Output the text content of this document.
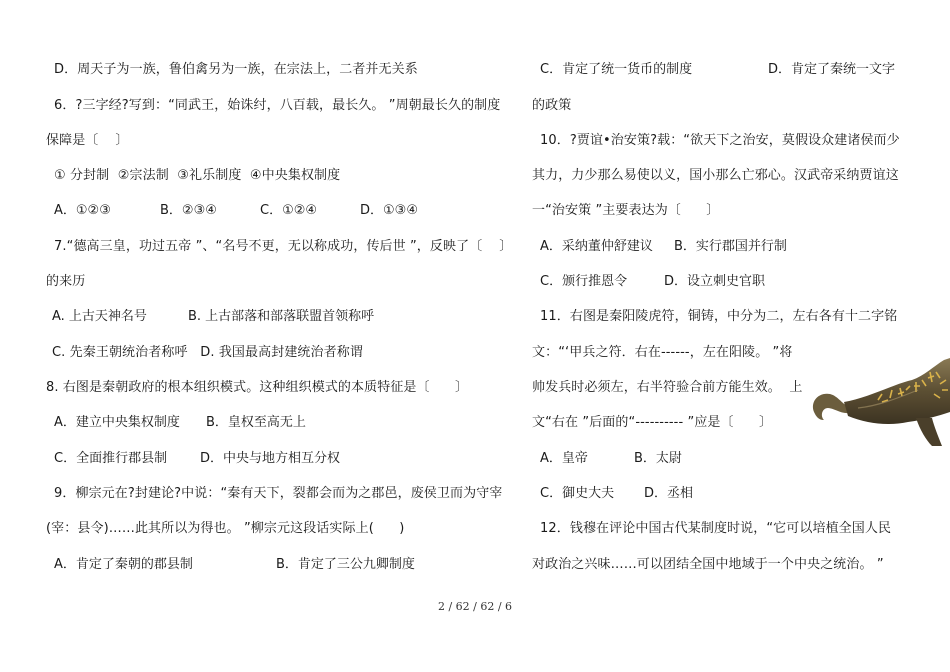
D．周天子为一族，鲁伯禽另为一族，在宗法上，二者并无关系
6．?三字经?写到：“同武王，始诛纣，八百载，最长久。 ”周朝最长久的制度
保障是〔    〕
① 分封制  ②宗法制  ③礼乐制度  ④中央集权制度
A．①②③	B．②③④	C．①②④	D．①③④
7.“德高三皇，功过五帝 ”、“名号不更，无以称成功，传后世 ”，反映了〔    〕
的来历
A. 上古天神名号	B. 上古部落和部落联盟首领称呼
C. 先秦王朝统治者称呼   D. 我国最高封建统治者称谓
8. 右图是秦朝政府的根本组织模式。这种组织模式的本质特征是〔      〕
A．建立中央集权制度 B．皇权至高无上
C．全面推行郡县制	D．中央与地方相互分权
9．柳宗元在?封建论?中说：“秦有天下，裂都会而为之郡邑，废侯卫而为守宰
(宰：县令)……此其所以为得也。 ”柳宗元这段话实际上(      )
A．肯定了秦朝的郡县制	B．肯定了三公九卿制度
C．肯定了统一货币的制度	D．肯定了秦统一文字
的政策
10．?贾谊•治安策?载：“欲天下之治安，莫假设众建诸侯而少
其力，力少那么易使以义，国小那么亡邪心。汉武帝采纳贾谊这
一“治安策 ”主要表达为〔      〕
A．采纳董仲舒建议 B．实行郡国并行制
C．颁行推恩令	D．设立刺史官职
11．右图是秦阳陵虎符，铜铸，中分为二，左右各有十二字铭
文：“‘甲兵之符．右在------，左在阳陵。 ”将
帅发兵时必须左，右半符验合前方能生效。  上
文“右在 ”后面的“---------- ”应是〔      〕
A．皇帝	B．太尉
C．御史大夫 D．丞相
12．钱穆在评论中国古代某制度时说，“它可以培植全国人民
对政治之兴味……可以团结全国中地域于一个中央之统治。 ”
2 / 62 / 62 / 6
